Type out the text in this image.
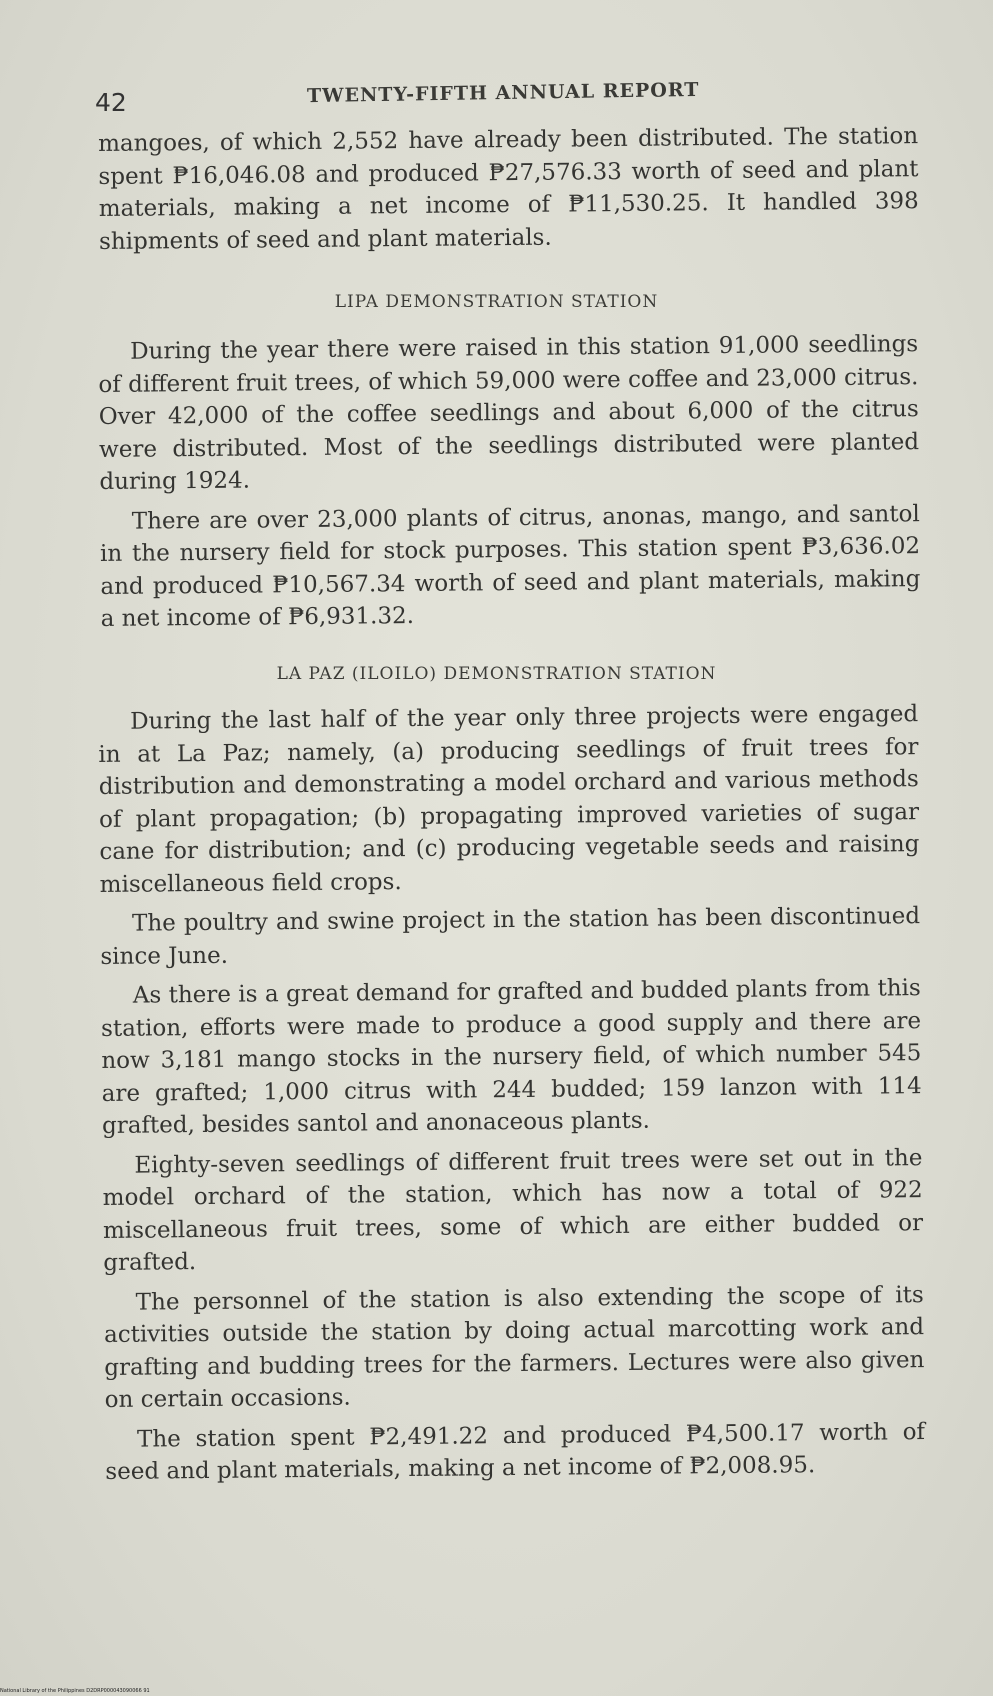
42	TWENTY-FIFTH ANNUAL REPORT

mangoes, of which 2,552 have already been distributed. The station spent ₱16,046.08 and produced ₱27,576.33 worth of seed and plant materials, making a net income of ₱11,530.25. It handled 398 shipments of seed and plant materials.

LIPA DEMONSTRATION STATION

During the year there were raised in this station 91,000 seedlings of different fruit trees, of which 59,000 were coffee and 23,000 citrus. Over 42,000 of the coffee seedlings and about 6,000 of the citrus were distributed. Most of the seedlings distributed were planted during 1924.

There are over 23,000 plants of citrus, anonas, mango, and santol in the nursery field for stock purposes. This station spent ₱3,636.02 and produced ₱10,567.34 worth of seed and plant materials, making a net income of ₱6,931.32.

LA PAZ (ILOILO) DEMONSTRATION STATION

During the last half of the year only three projects were engaged in at La Paz; namely, (a) producing seedlings of fruit trees for distribution and demonstrating a model orchard and various methods of plant propagation; (b) propagating improved varieties of sugar cane for distribution; and (c) producing vegetable seeds and raising miscellaneous field crops.

The poultry and swine project in the station has been discontinued since June.

As there is a great demand for grafted and budded plants from this station, efforts were made to produce a good supply and there are now 3,181 mango stocks in the nursery field, of which number 545 are grafted; 1,000 citrus with 244 budded; 159 lanzon with 114 grafted, besides santol and anonaceous plants.

Eighty-seven seedlings of different fruit trees were set out in the model orchard of the station, which has now a total of 922 miscellaneous fruit trees, some of which are either budded or grafted.

The personnel of the station is also extending the scope of its activities outside the station by doing actual marcotting work and grafting and budding trees for the farmers. Lectures were also given on certain occasions.

The station spent ₱2,491.22 and produced ₱4,500.17 worth of seed and plant materials, making a net income of ₱2,008.95.

National Library of the Philippines D2DRP000043090066 91
